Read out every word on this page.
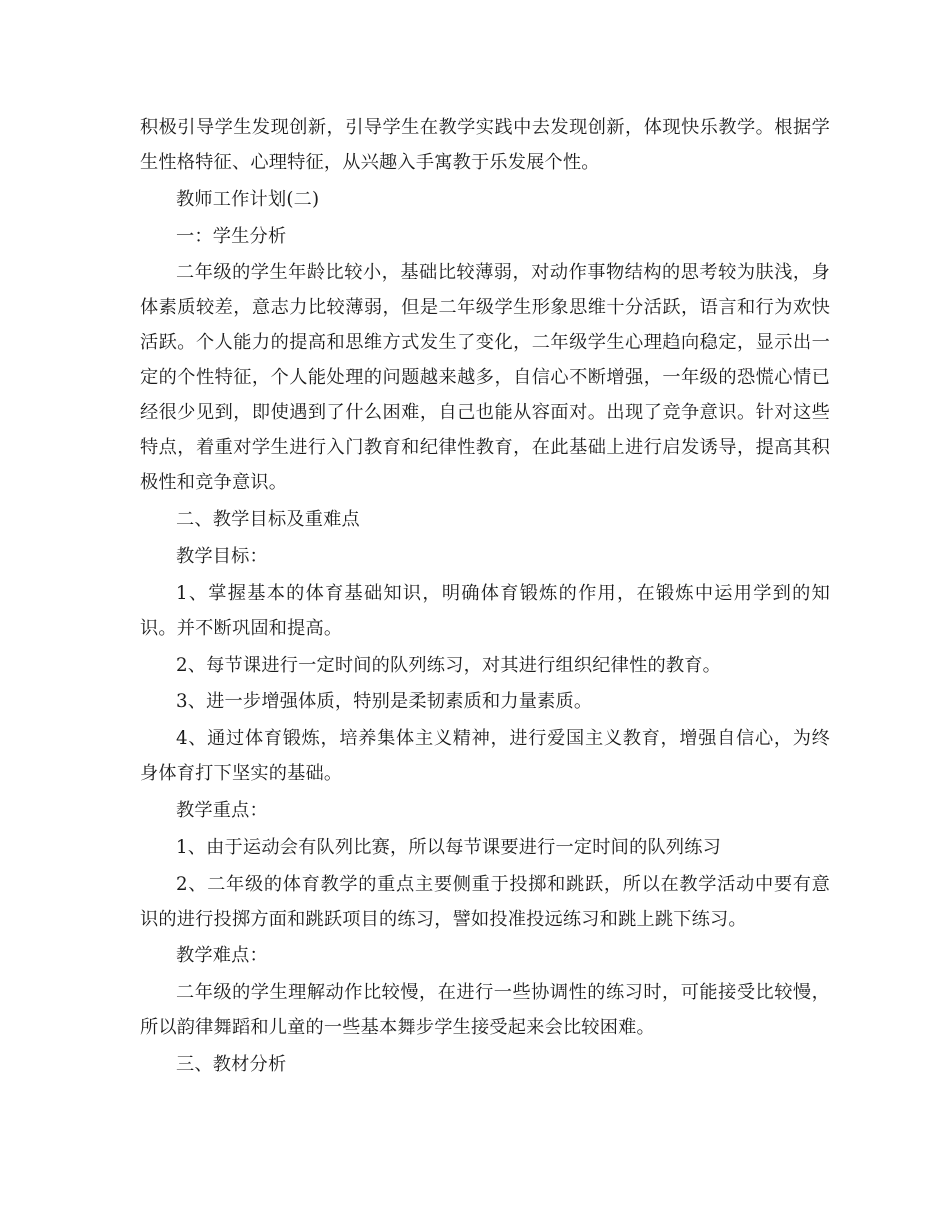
积极引导学生发现创新，引导学生在教学实践中去发现创新，体现快乐教学。根据学生性格特征、心理特征，从兴趣入手寓教于乐发展个性。

教师工作计划(二)

一：学生分析

二年级的学生年龄比较小，基础比较薄弱，对动作事物结构的思考较为肤浅，身体素质较差，意志力比较薄弱，但是二年级学生形象思维十分活跃，语言和行为欢快活跃。个人能力的提高和思维方式发生了变化，二年级学生心理趋向稳定，显示出一定的个性特征，个人能处理的问题越来越多，自信心不断增强，一年级的恐慌心情已经很少见到，即使遇到了什么困难，自己也能从容面对。出现了竞争意识。针对这些特点，着重对学生进行入门教育和纪律性教育，在此基础上进行启发诱导，提高其积极性和竞争意识。

二、教学目标及重难点

教学目标：

1、掌握基本的体育基础知识，明确体育锻炼的作用，在锻炼中运用学到的知识。并不断巩固和提高。

2、每节课进行一定时间的队列练习，对其进行组织纪律性的教育。

3、进一步增强体质，特别是柔韧素质和力量素质。

4、通过体育锻炼，培养集体主义精神，进行爱国主义教育，增强自信心，为终身体育打下坚实的基础。

教学重点：

1、由于运动会有队列比赛，所以每节课要进行一定时间的队列练习

2、二年级的体育教学的重点主要侧重于投掷和跳跃，所以在教学活动中要有意识的进行投掷方面和跳跃项目的练习，譬如投准投远练习和跳上跳下练习。

教学难点：

二年级的学生理解动作比较慢，在进行一些协调性的练习时，可能接受比较慢，所以韵律舞蹈和儿童的一些基本舞步学生接受起来会比较困难。

三、教材分析
